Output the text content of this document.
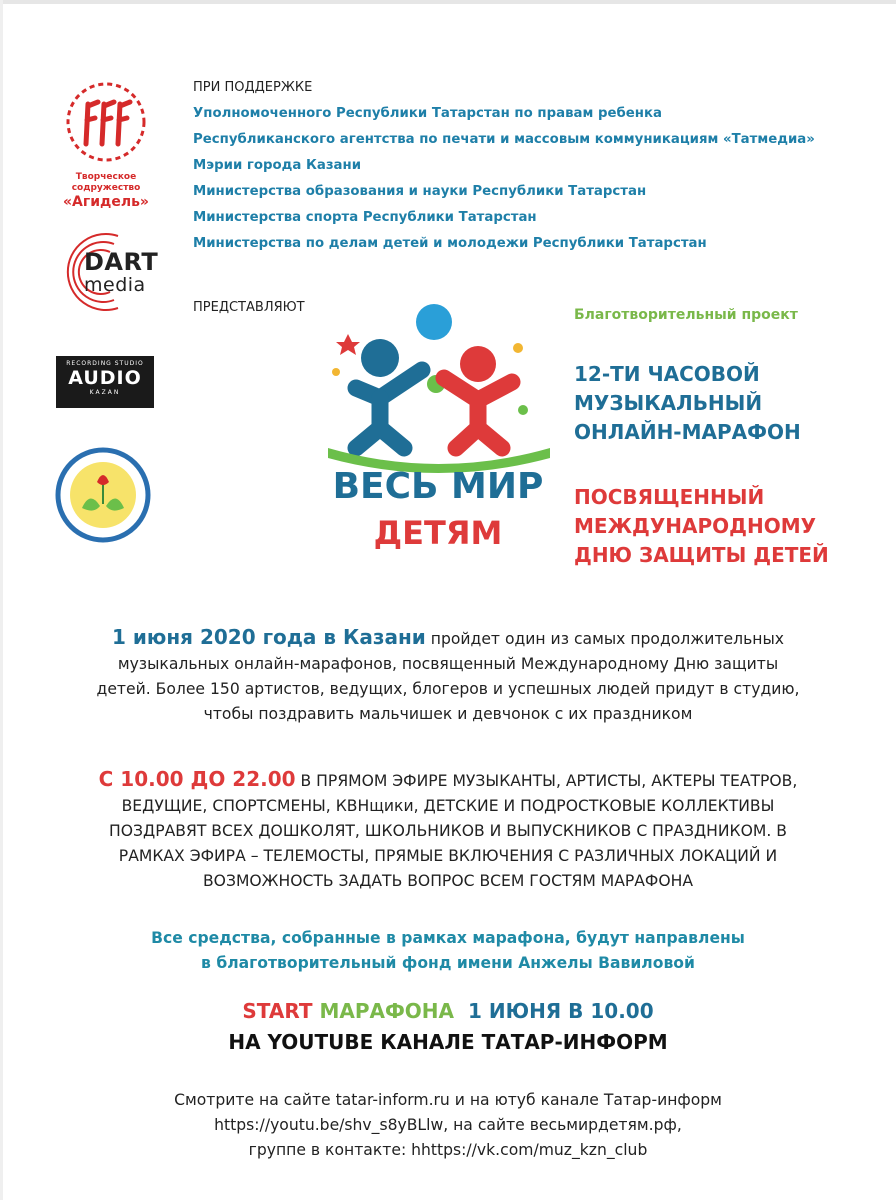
Творческое содружество
«Агидель»
DART
media
RECORDING STUDIO
AUDIO
KAZAN
ПРИ ПОДДЕРЖКЕ
Уполномоченного Республики Татарстан по правам ребенка
Республиканского агентства по печати и массовым коммуникациям «Татмедиа»
Мэрии города Казани
Министерства образования и науки Республики Татарстан
Министерства спорта Республики Татарстан
Министерства по делам детей и молодежи Республики Татарстан
ПРЕДСТАВЛЯЮТ
ВЕСЬ МИР
ДЕТЯМ
Благотворительный проект
12-ТИ ЧАСОВОЙ
МУЗЫКАЛЬНЫЙ
ОНЛАЙН-МАРАФОН
ПОСВЯЩЕННЫЙ
МЕЖДУНАРОДНОМУ
ДНЮ ЗАЩИТЫ ДЕТЕЙ
1 июня 2020 года в Казани пройдет один из самых продолжительных
музыкальных онлайн-марафонов, посвященный Международному Дню защиты
детей. Более 150 артистов, ведущих, блогеров и успешных людей придут в студию,
чтобы поздравить мальчишек и девчонок с их праздником
С 10.00 ДО 22.00 В ПРЯМОМ ЭФИРЕ МУЗЫКАНТЫ, АРТИСТЫ, АКТЕРЫ ТЕАТРОВ,
ВЕДУЩИЕ, СПОРТСМЕНЫ, КВНщики, ДЕТСКИЕ И ПОДРОСТКОВЫЕ КОЛЛЕКТИВЫ
ПОЗДРАВЯТ ВСЕХ ДОШКОЛЯТ, ШКОЛЬНИКОВ И ВЫПУСКНИКОВ С ПРАЗДНИКОМ. В
РАМКАХ ЭФИРА – ТЕЛЕМОСТЫ, ПРЯМЫЕ ВКЛЮЧЕНИЯ С РАЗЛИЧНЫХ ЛОКАЦИЙ И
ВОЗМОЖНОСТЬ ЗАДАТЬ ВОПРОС ВСЕМ ГОСТЯМ МАРАФОНА
Все средства, собранные в рамках марафона, будут направлены
в благотворительный фонд имени Анжелы Вавиловой
START МАРАФОНА 1 ИЮНЯ В 10.00
НА YOUTUBE КАНАЛЕ ТАТАР-ИНФОРМ
Смотрите на сайте tatar-inform.ru и на ютуб канале Татар-информ
https://youtu.be/shv_s8yBLlw, на сайте весьмирдетям.рф,
группе в контакте: hhttps://vk.com/muz_kzn_club
